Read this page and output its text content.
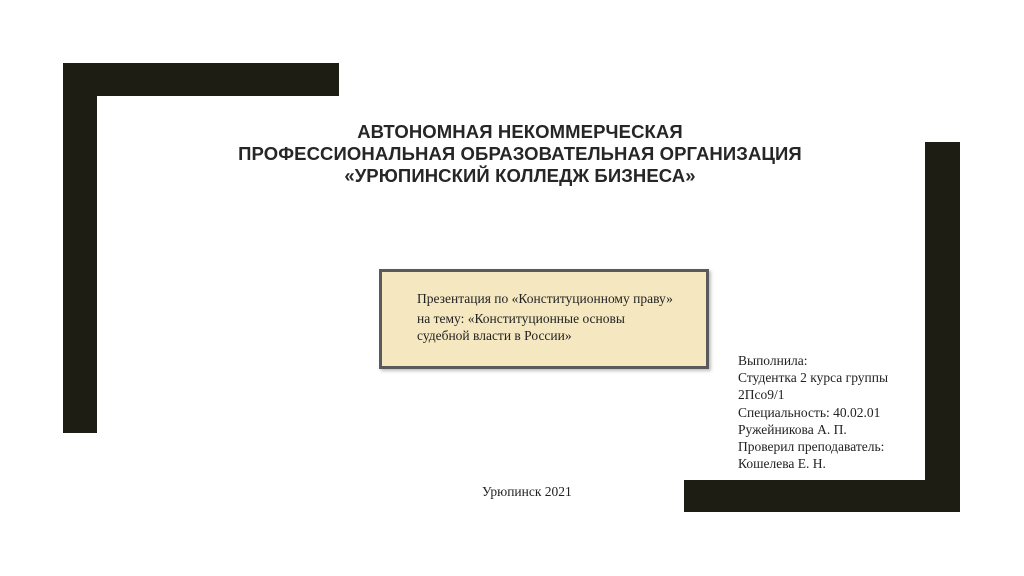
АВТОНОМНАЯ НЕКОММЕРЧЕСКАЯ
ПРОФЕССИОНАЛЬНАЯ ОБРАЗОВАТЕЛЬНАЯ ОРГАНИЗАЦИЯ
«УРЮПИНСКИЙ КОЛЛЕДЖ БИЗНЕСА»
Презентация по «Конституционному праву»
на тему: «Конституционные основы
судебной власти в России»
Выполнила:
Студентка 2 курса группы
2Псо9/1
Специальность: 40.02.01
Ружейникова А. П.
Проверил преподаватель:
Кошелева Е. Н.
Урюпинск 2021
